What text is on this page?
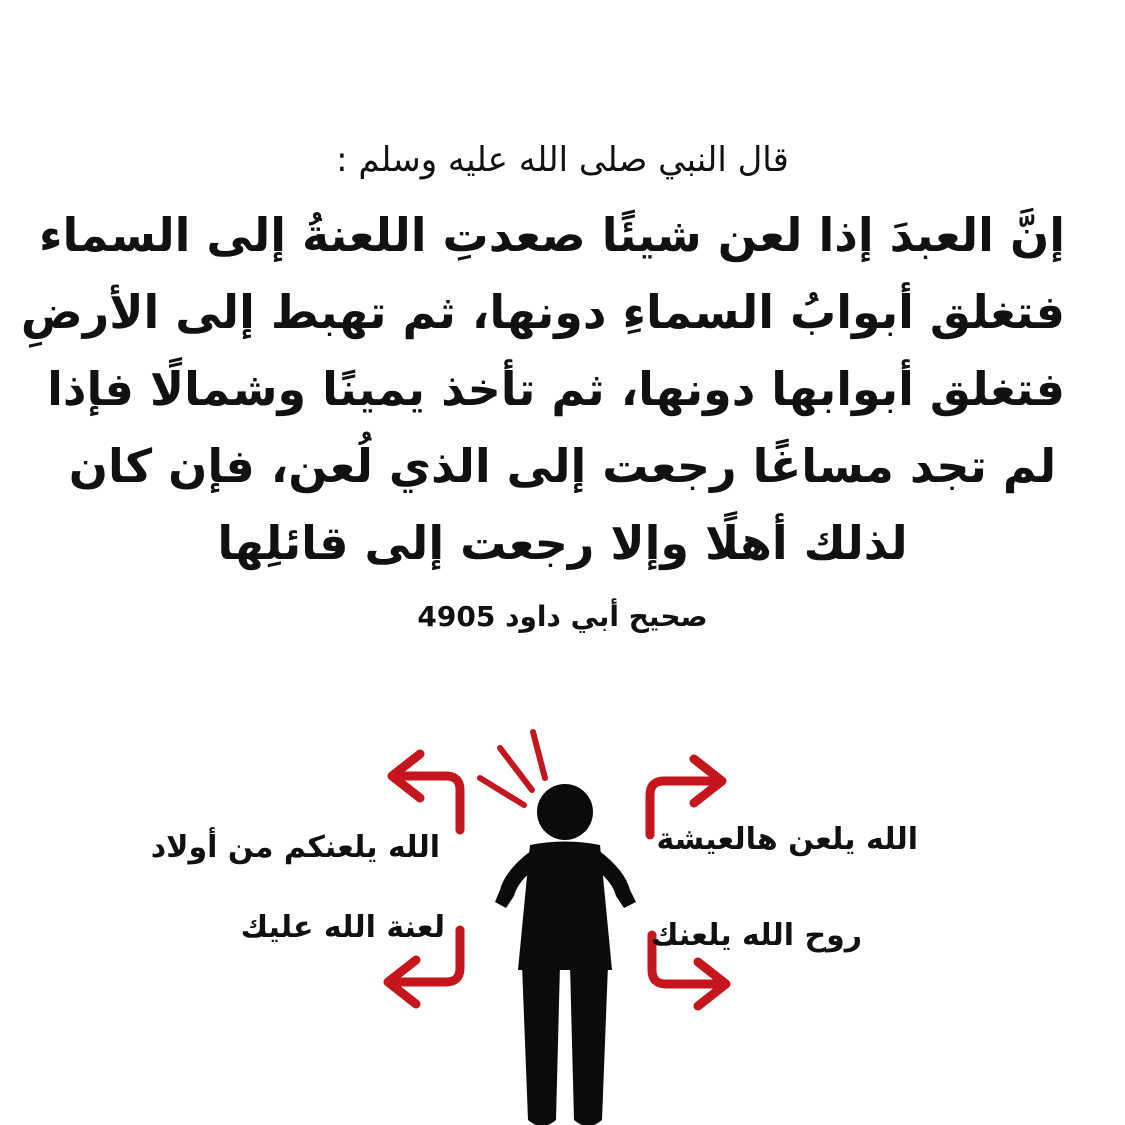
قال النبي صلى الله عليه وسلم :
إنَّ العبدَ إذا لعن شيئًا صعدتِ اللعنةُ إلى السماء
فتغلق أبوابُ السماءِ دونها، ثم تهبط إلى الأرضِ
فتغلق أبوابها دونها، ثم تأخذ يمينًا وشمالًا فإذا
لم تجد مساغًا رجعت إلى الذي لُعن، فإن كان
لذلك أهلًا وإلا رجعت إلى قائلِها
صحيح أبي داود 4905
الله يلعنكم من أولاد
لعنة الله عليك
الله يلعن هالعيشة
روح الله يلعنك
